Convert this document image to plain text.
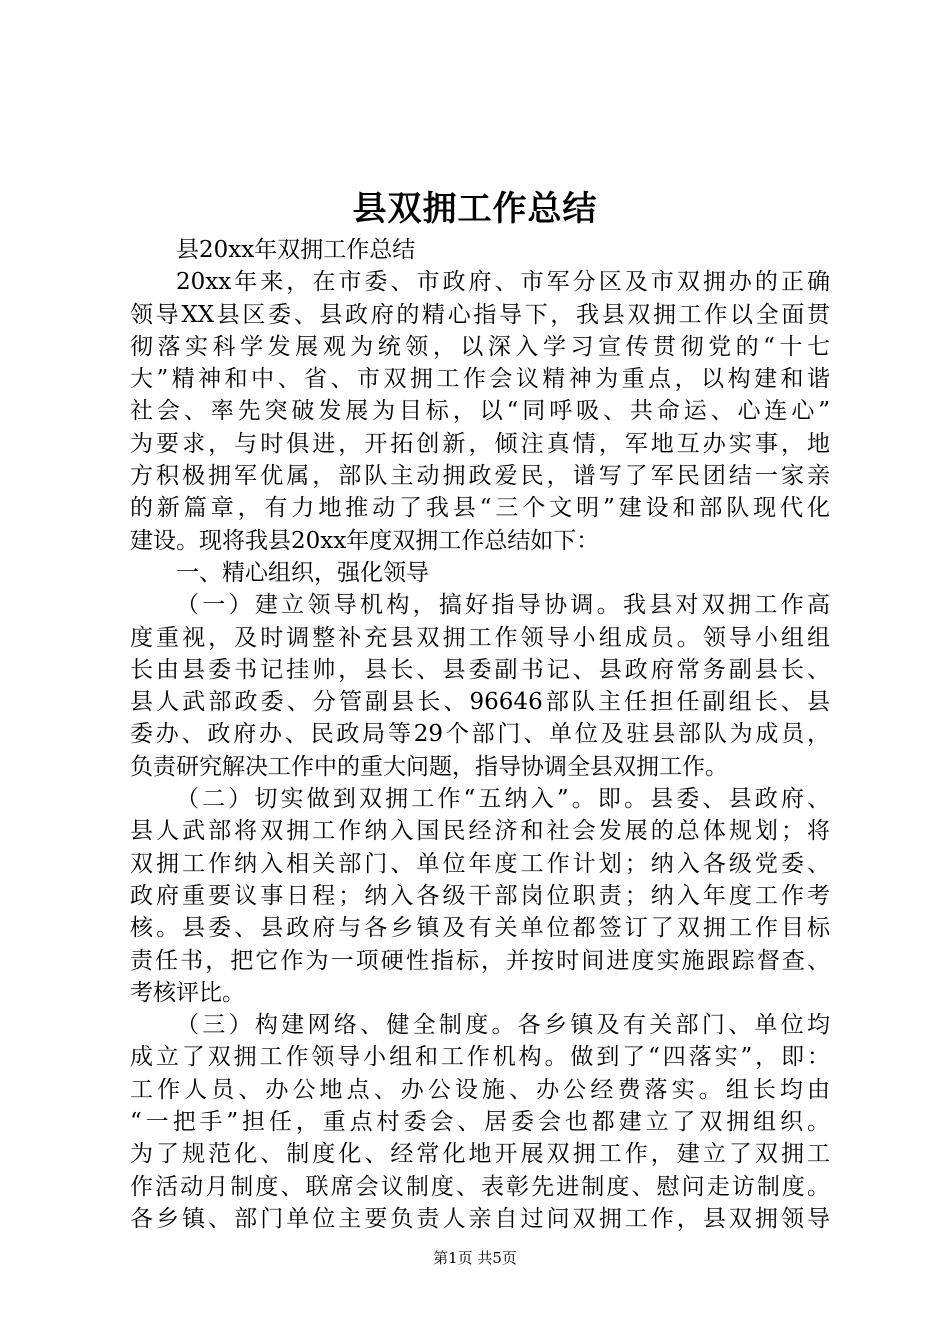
县双拥工作总结
县20xx年双拥工作总结
20xx年来，在市委、市政府、市军分区及市双拥办的正确
领导XX县区委、县政府的精心指导下，我县双拥工作以全面贯
彻落实科学发展观为统领，以深入学习宣传贯彻党的“十七
大”精神和中、省、市双拥工作会议精神为重点，以构建和谐
社会、率先突破发展为目标，以“同呼吸、共命运、心连心”
为要求，与时俱进，开拓创新，倾注真情，军地互办实事，地
方积极拥军优属，部队主动拥政爱民，谱写了军民团结一家亲
的新篇章，有力地推动了我县“三个文明”建设和部队现代化
建设。现将我县20xx年度双拥工作总结如下：
一、精心组织，强化领导
（一）建立领导机构，搞好指导协调。我县对双拥工作高
度重视，及时调整补充县双拥工作领导小组成员。领导小组组
长由县委书记挂帅，县长、县委副书记、县政府常务副县长、
县人武部政委、分管副县长、96646部队主任担任副组长、县
委办、政府办、民政局等29个部门、单位及驻县部队为成员，
负责研究解决工作中的重大问题，指导协调全县双拥工作。
（二）切实做到双拥工作“五纳入”。即。县委、县政府、
县人武部将双拥工作纳入国民经济和社会发展的总体规划；将
双拥工作纳入相关部门、单位年度工作计划；纳入各级党委、
政府重要议事日程；纳入各级干部岗位职责；纳入年度工作考
核。县委、县政府与各乡镇及有关单位都签订了双拥工作目标
责任书，把它作为一项硬性指标，并按时间进度实施跟踪督查、
考核评比。
（三）构建网络、健全制度。各乡镇及有关部门、单位均
成立了双拥工作领导小组和工作机构。做到了“四落实”，即：
工作人员、办公地点、办公设施、办公经费落实。组长均由
“一把手”担任，重点村委会、居委会也都建立了双拥组织。
为了规范化、制度化、经常化地开展双拥工作，建立了双拥工
作活动月制度、联席会议制度、表彰先进制度、慰问走访制度。
各乡镇、部门单位主要负责人亲自过问双拥工作，县双拥领导
第1页 共5页
